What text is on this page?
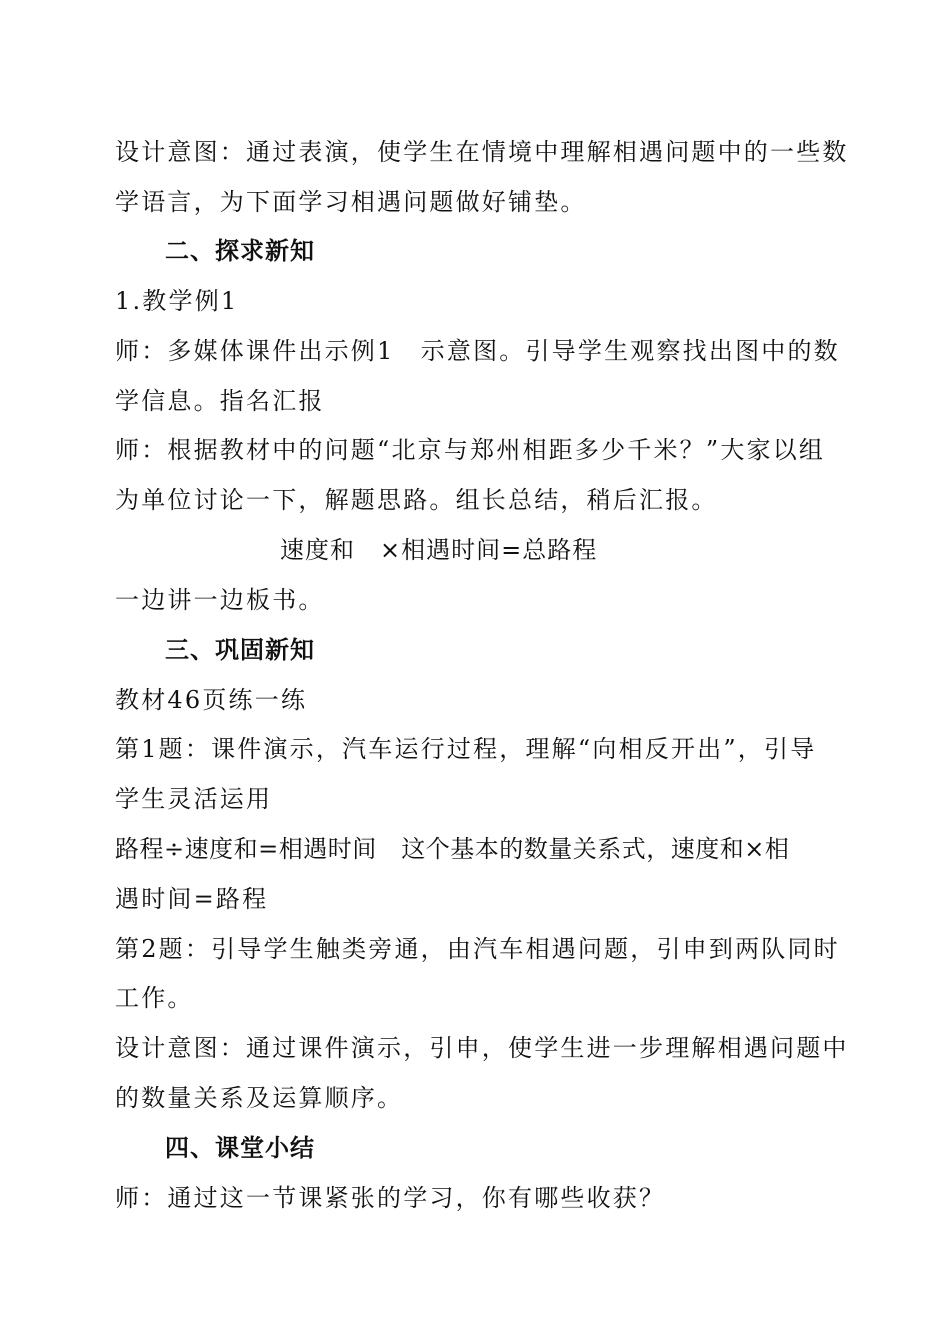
设计意图：通过表演，使学生在情境中理解相遇问题中的一些数
学语言，为下面学习相遇问题做好铺垫。
二、探求新知
1.教学例1
师：多媒体课件出示例1　示意图。引导学生观察找出图中的数
学信息。指名汇报
师：根据教材中的问题“北京与郑州相距多少千米？”大家以组
为单位讨论一下，解题思路。组长总结，稍后汇报。
速度和　×相遇时间=总路程
一边讲一边板书。
三、巩固新知
教材46页练一练
第1题：课件演示，汽车运行过程，理解“向相反开出”，引导
学生灵活运用
路程÷速度和=相遇时间　这个基本的数量关系式，速度和×相
遇时间=路程
第2题：引导学生触类旁通，由汽车相遇问题，引申到两队同时
工作。
设计意图：通过课件演示，引申，使学生进一步理解相遇问题中
的数量关系及运算顺序。
四、课堂小结
师：通过这一节课紧张的学习，你有哪些收获？
